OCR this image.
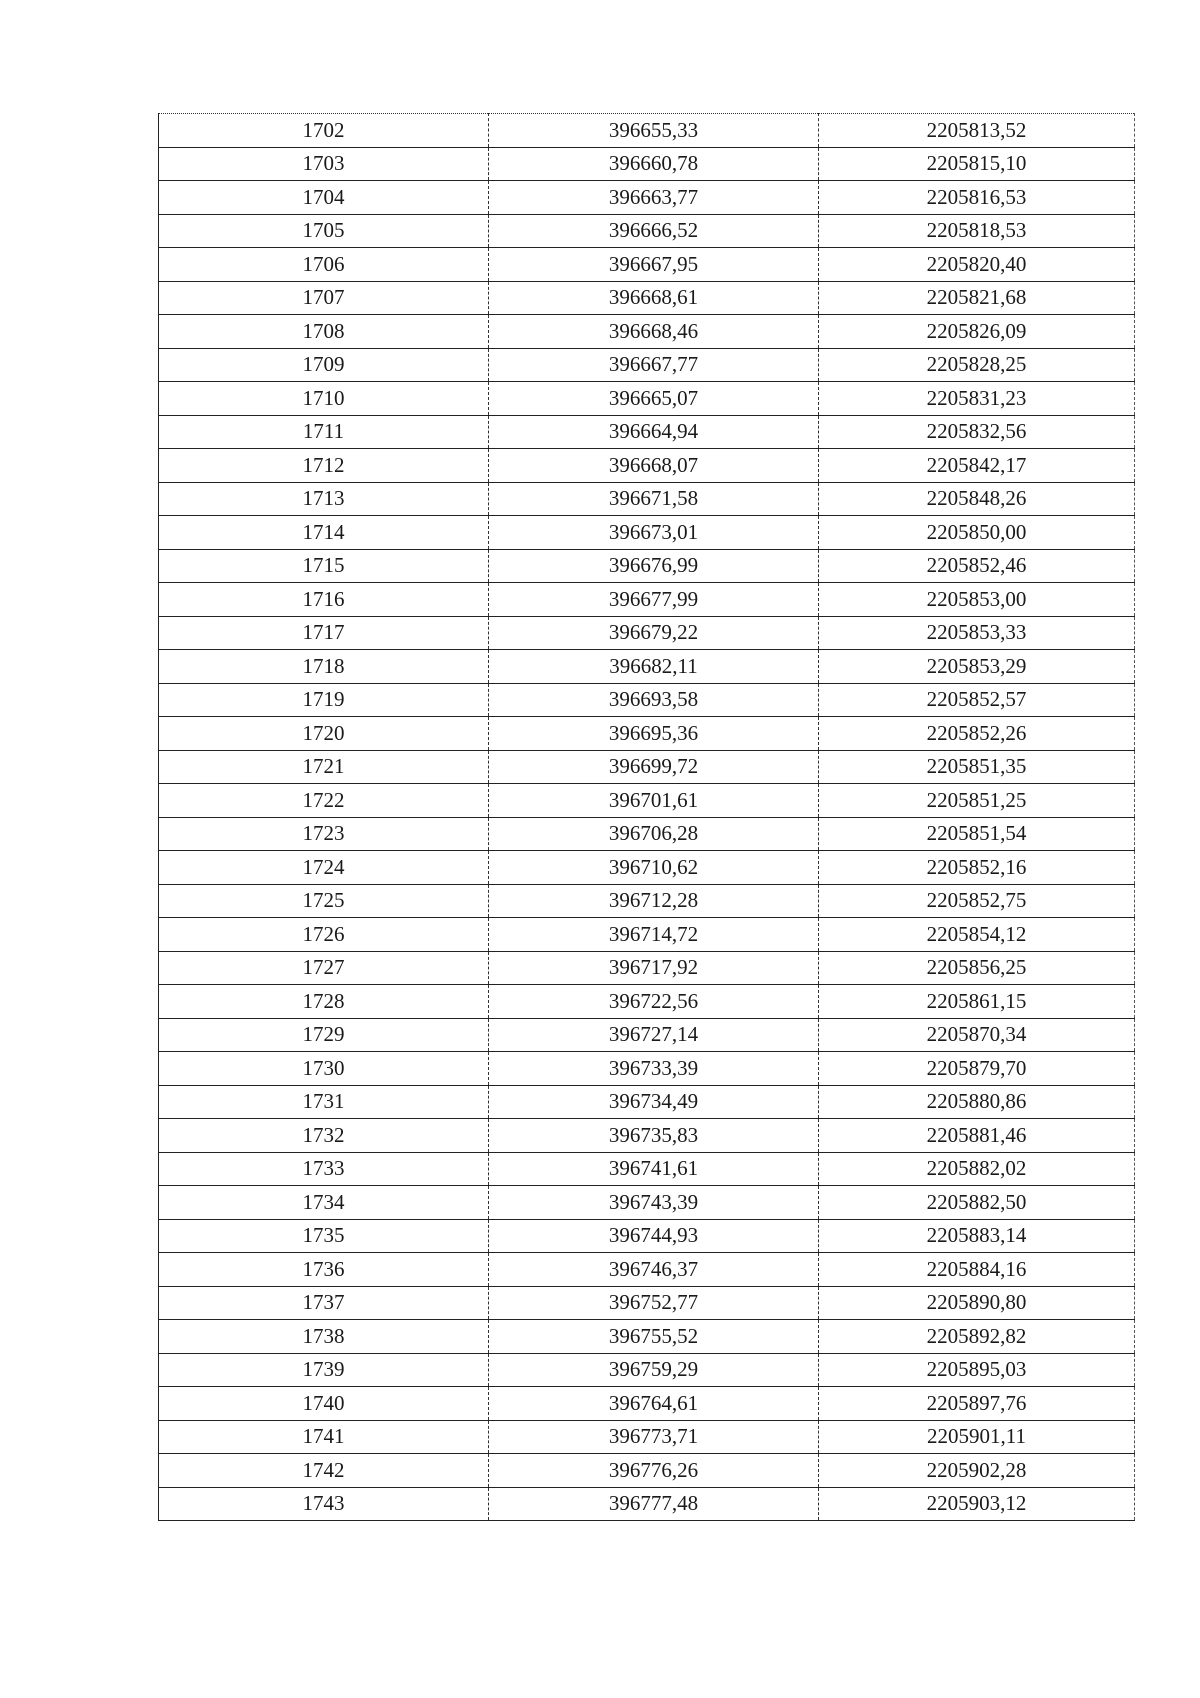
1702	396655,33	2205813,52
1703	396660,78	2205815,10
1704	396663,77	2205816,53
1705	396666,52	2205818,53
1706	396667,95	2205820,40
1707	396668,61	2205821,68
1708	396668,46	2205826,09
1709	396667,77	2205828,25
1710	396665,07	2205831,23
1711	396664,94	2205832,56
1712	396668,07	2205842,17
1713	396671,58	2205848,26
1714	396673,01	2205850,00
1715	396676,99	2205852,46
1716	396677,99	2205853,00
1717	396679,22	2205853,33
1718	396682,11	2205853,29
1719	396693,58	2205852,57
1720	396695,36	2205852,26
1721	396699,72	2205851,35
1722	396701,61	2205851,25
1723	396706,28	2205851,54
1724	396710,62	2205852,16
1725	396712,28	2205852,75
1726	396714,72	2205854,12
1727	396717,92	2205856,25
1728	396722,56	2205861,15
1729	396727,14	2205870,34
1730	396733,39	2205879,70
1731	396734,49	2205880,86
1732	396735,83	2205881,46
1733	396741,61	2205882,02
1734	396743,39	2205882,50
1735	396744,93	2205883,14
1736	396746,37	2205884,16
1737	396752,77	2205890,80
1738	396755,52	2205892,82
1739	396759,29	2205895,03
1740	396764,61	2205897,76
1741	396773,71	2205901,11
1742	396776,26	2205902,28
1743	396777,48	2205903,12
